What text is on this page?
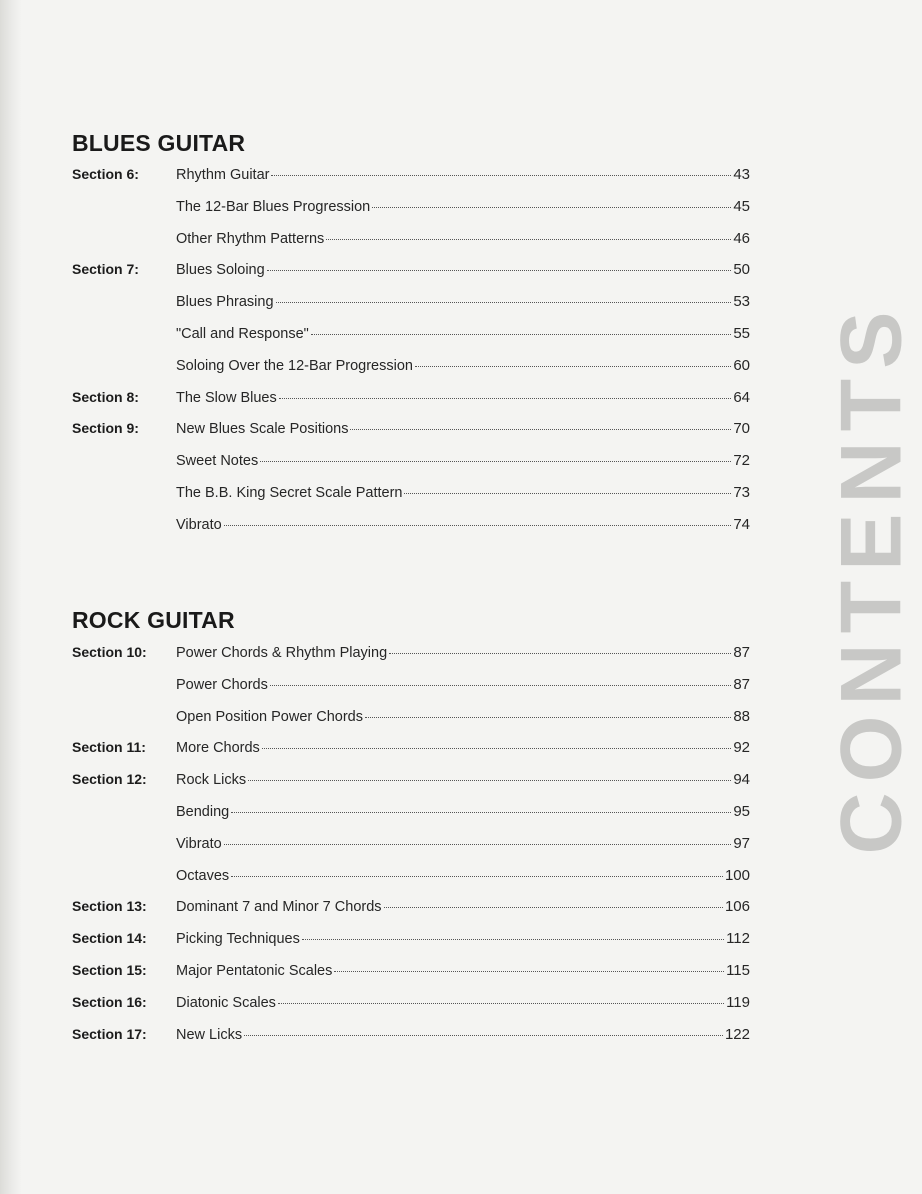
BLUES GUITAR
Section 6:	Rhythm Guitar	43
The 12-Bar Blues Progression	45
Other Rhythm Patterns	46
Section 7:	Blues Soloing	50
Blues Phrasing	53
"Call and Response"	55
Soloing Over the 12-Bar Progression	60
Section 8:	The Slow Blues	64
Section 9:	New Blues Scale Positions	70
Sweet Notes	72
The B.B. King Secret Scale Pattern	73
Vibrato	74
ROCK GUITAR
Section 10:	Power Chords & Rhythm Playing	87
Power Chords	87
Open Position Power Chords	88
Section 11:	More Chords	92
Section 12:	Rock Licks	94
Bending	95
Vibrato	97
Octaves	100
Section 13:	Dominant 7 and Minor 7 Chords	106
Section 14:	Picking Techniques	112
Section 15:	Major Pentatonic Scales	115
Section 16:	Diatonic Scales	119
Section 17:	New Licks	122
CONTENTS
